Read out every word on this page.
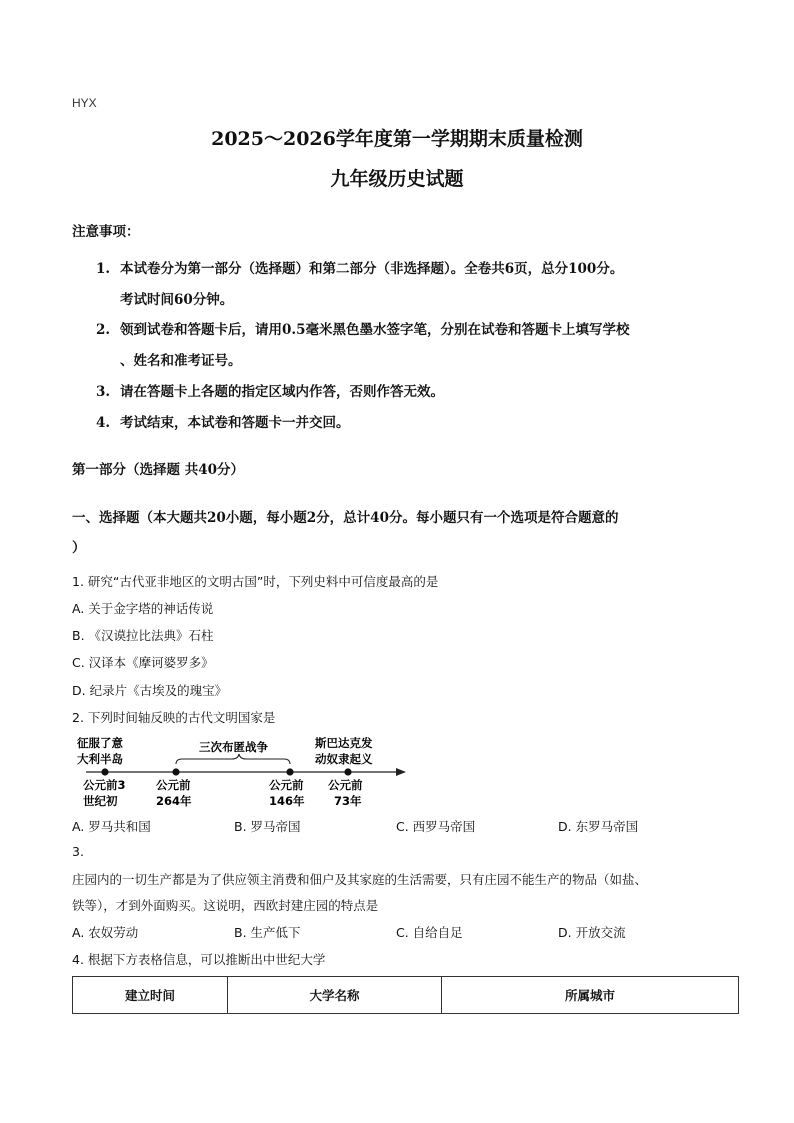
HYX
2025～2026学年度第一学期期末质量检测
九年级历史试题
注意事项：
1. 本试卷分为第一部分（选择题）和第二部分（非选择题）。全卷共6页，总分100分。
考试时间60分钟。
2. 领到试卷和答题卡后，请用0.5毫米黑色墨水签字笔，分别在试卷和答题卡上填写学校
、姓名和准考证号。
3. 请在答题卡上各题的指定区域内作答，否则作答无效。
4. 考试结束，本试卷和答题卡一并交回。
第一部分（选择题 共40分）
一、选择题（本大题共20小题，每小题2分，总计40分。每小题只有一个选项是符合题意的
）
1. 研究“古代亚非地区的文明古国”时，下列史料中可信度最高的是
A. 关于金字塔的神话传说
B. 《汉谟拉比法典》石柱
C. 汉译本《摩诃婆罗多》
D. 纪录片《古埃及的瑰宝》
2. 下列时间轴反映的古代文明国家是
征服了意
大利半岛
三次布匿战争	斯巴达克发
动奴隶起义
公元前3
世纪初
公元前
264年
公元前
146年
公元前
73年
A. 罗马共和国	B. 罗马帝国	C. 西罗马帝国	D. 东罗马帝国
3.
庄园内的一切生产都是为了供应领主消费和佃户及其家庭的生活需要，只有庄园不能生产的物品（如盐、
铁等），才到外面购买。这说明，西欧封建庄园的特点是
A. 农奴劳动	B. 生产低下	C. 自给自足	D. 开放交流
4. 根据下方表格信息，可以推断出中世纪大学
建立时间	大学名称	所属城市
